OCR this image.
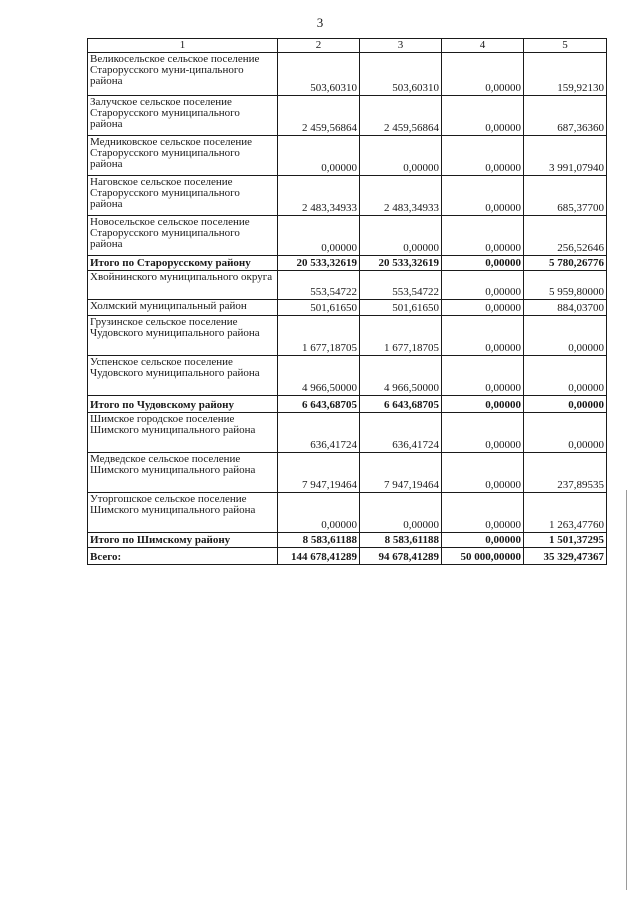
3
1	2	3	4	5
Великосельское сельское поселение Старорусского муни-ципального района	503,60310	503,60310	0,00000	159,92130
Залучское сельское поселение Старорусского муниципального района	2 459,56864	2 459,56864	0,00000	687,36360
Медниковское сельское поселение Старорусского муниципального района	0,00000	0,00000	0,00000	3 991,07940
Наговское сельское поселение Старорусского муниципального района	2 483,34933	2 483,34933	0,00000	685,37700
Новосельское сельское поселение Старорусского муниципального района	0,00000	0,00000	0,00000	256,52646
Итого по Старорусскому району	20 533,32619	20 533,32619	0,00000	5 780,26776
Хвойнинского муниципального округа	553,54722	553,54722	0,00000	5 959,80000
Холмский муниципальный район	501,61650	501,61650	0,00000	884,03700
Грузинское сельское поселение Чудовского муниципального района	1 677,18705	1 677,18705	0,00000	0,00000
Успенское сельское поселение Чудовского муниципального района	4 966,50000	4 966,50000	0,00000	0,00000
Итого по Чудовскому району	6 643,68705	6 643,68705	0,00000	0,00000
Шимское городское поселение Шимского муниципального района	636,41724	636,41724	0,00000	0,00000
Медведское сельское поселение Шимского муниципального района	7 947,19464	7 947,19464	0,00000	237,89535
Уторгошское сельское поселение Шимского муниципального района	0,00000	0,00000	0,00000	1 263,47760
Итого по Шимскому району	8 583,61188	8 583,61188	0,00000	1 501,37295
Всего:	144 678,41289	94 678,41289	50 000,00000	35 329,47367
